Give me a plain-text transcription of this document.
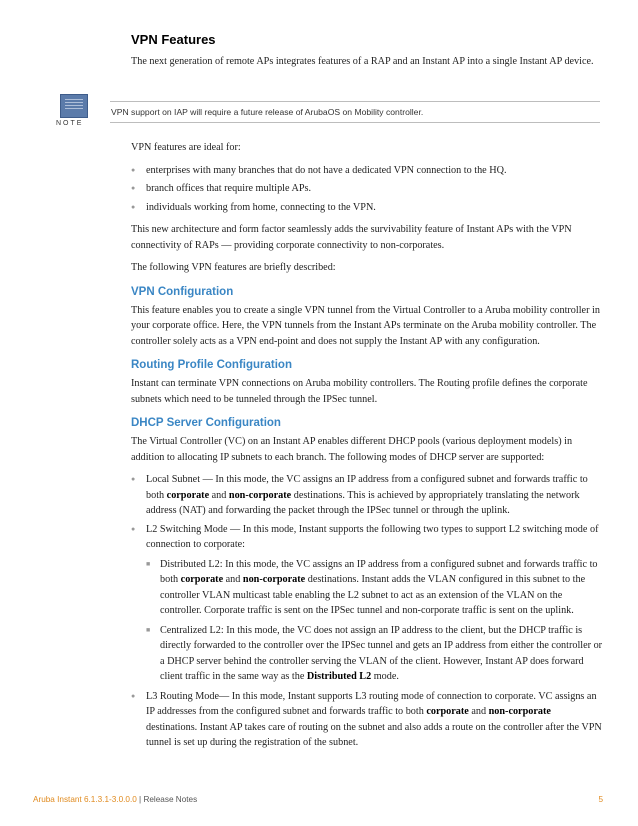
VPN Features

The next generation of remote APs integrates features of a RAP and an Instant AP into a single Instant AP device.

NOTE
VPN support on IAP will require a future release of ArubaOS on Mobility controller.

VPN features are ideal for:

● enterprises with many branches that do not have a dedicated VPN connection to the HQ.
● branch offices that require multiple APs.
● individuals working from home, connecting to the VPN.

This new architecture and form factor seamlessly adds the survivability feature of Instant APs with the VPN connectivity of RAPs — providing corporate connectivity to non-corporates.

The following VPN features are briefly described:

VPN Configuration

This feature enables you to create a single VPN tunnel from the Virtual Controller to a Aruba mobility controller in your corporate office. Here, the VPN tunnels from the Instant APs terminate on the Aruba mobility controller. The controller solely acts as a VPN end-point and does not supply the Instant AP with any configuration.

Routing Profile Configuration

Instant can terminate VPN connections on Aruba mobility controllers. The Routing profile defines the corporate subnets which need to be tunneled through the IPSec tunnel.

DHCP Server Configuration

The Virtual Controller (VC) on an Instant AP enables different DHCP pools (various deployment models) in addition to allocating IP subnets to each branch. The following modes of DHCP server are supported:

● Local Subnet — In this mode, the VC assigns an IP address from a configured subnet and forwards traffic to both corporate and non-corporate destinations. This is achieved by appropriately translating the network address (NAT) and forwarding the packet through the IPSec tunnel or through the uplink.
● L2 Switching Mode — In this mode, Instant supports the following two types to support L2 switching mode of connection to corporate:
■ Distributed L2: In this mode, the VC assigns an IP address from a configured subnet and forwards traffic to both corporate and non-corporate destinations. Instant adds the VLAN configured in this subnet to the controller VLAN multicast table enabling the L2 subnet to act as an extension of the VLAN on the controller. Corporate traffic is sent on the IPSec tunnel and non-corporate traffic is sent on the uplink.
■ Centralized L2: In this mode, the VC does not assign an IP address to the client, but the DHCP traffic is directly forwarded to the controller over the IPSec tunnel and gets an IP address from either the controller or a DHCP server behind the controller serving the VLAN of the client. However, Instant AP does forward client traffic in the same way as the Distributed L2 mode.
● L3 Routing Mode— In this mode, Instant supports L3 routing mode of connection to corporate. VC assigns an IP addresses from the configured subnet and forwards traffic to both corporate and non-corporate destinations. Instant AP takes care of routing on the subnet and also adds a route on the controller after the VPN tunnel is set up during the registration of the subnet.
Aruba Instant 6.1.3.1-3.0.0.0 | Release Notes	5
